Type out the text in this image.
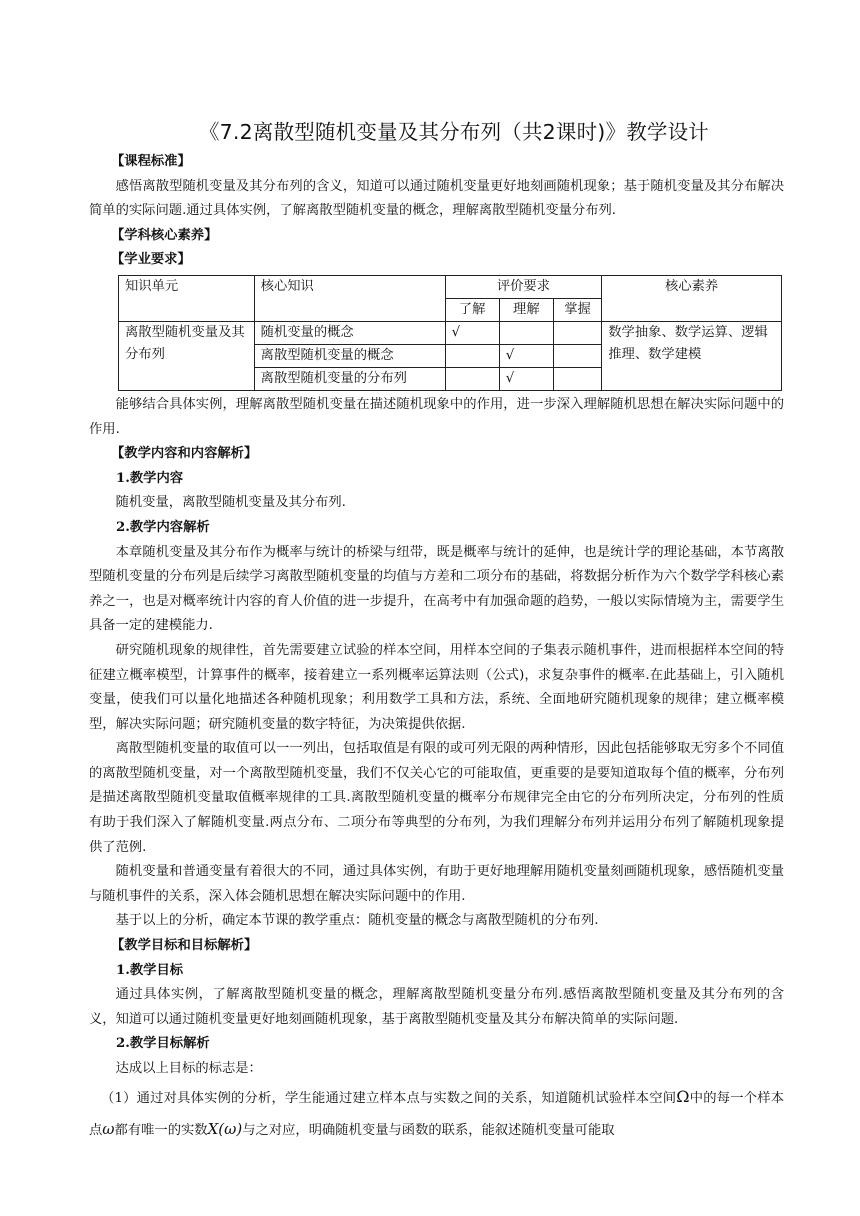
《7.2离散型随机变量及其分布列（共2课时)》教学设计

【课程标准】

感悟离散型随机变量及其分布列的含义，知道可以通过随机变量更好地刻画随机现象；基于随机变量及其分布解决简单的实际问题.通过具体实例，了解离散型随机变量的概念，理解离散型随机变量分布列.

【学科核心素养】

【学业要求】

知识单元	核心知识	评价要求			核心素养
		了解	理解	掌握	
离散型随机变量及其分布列	随机变量的概念	√			数学抽象、数学运算、逻辑推理、数学建模
	离散型随机变量的概念		√		
	离散型随机变量的分布列		√		

能够结合具体实例，理解离散型随机变量在描述随机现象中的作用，进一步深入理解随机思想在解决实际问题中的作用.

【教学内容和内容解析】

1.教学内容

随机变量，离散型随机变量及其分布列.

2.教学内容解析

本章随机变量及其分布作为概率与统计的桥梁与纽带，既是概率与统计的延伸，也是统计学的理论基础，本节离散型随机变量的分布列是后续学习离散型随机变量的均值与方差和二项分布的基础，将数据分析作为六个数学学科核心素养之一，也是对概率统计内容的育人价值的进一步提升，在高考中有加强命题的趋势，一般以实际情境为主，需要学生具备一定的建模能力.

研究随机现象的规律性，首先需要建立试验的样本空间，用样本空间的子集表示随机事件，进而根据样本空间的特征建立概率模型，计算事件的概率，接着建立一系列概率运算法则（公式)，求复杂事件的概率.在此基础上，引入随机变量，使我们可以量化地描述各种随机现象；利用数学工具和方法，系统、全面地研究随机现象的规律；建立概率模型，解决实际问题；研究随机变量的数字特征，为决策提供依据.

离散型随机变量的取值可以一一列出，包括取值是有限的或可列无限的两种情形，因此包括能够取无穷多个不同值的离散型随机变量，对一个离散型随机变量，我们不仅关心它的可能取值，更重要的是要知道取每个值的概率，分布列是描述离散型随机变量取值概率规律的工具.离散型随机变量的概率分布规律完全由它的分布列所决定，分布列的性质有助于我们深入了解随机变量.两点分布、二项分布等典型的分布列，为我们理解分布列并运用分布列了解随机现象提供了范例.

随机变量和普通变量有着很大的不同，通过具体实例，有助于更好地理解用随机变量刻画随机现象，感悟随机变量与随机事件的关系，深入体会随机思想在解决实际问题中的作用.

基于以上的分析，确定本节课的教学重点：随机变量的概念与离散型随机的分布列.

【教学目标和目标解析】

1.教学目标

通过具体实例，了解离散型随机变量的概念，理解离散型随机变量分布列.感悟离散型随机变量及其分布列的含义，知道可以通过随机变量更好地刻画随机现象，基于离散型随机变量及其分布解决简单的实际问题.

2.教学目标解析

达成以上目标的标志是：

（1）通过对具体实例的分析，学生能通过建立样本点与实数之间的关系，知道随机试验样本空间Ω中的每一个样本点ω都有唯一的实数X(ω)与之对应，明确随机变量与函数的联系，能叙述随机变量可能取
